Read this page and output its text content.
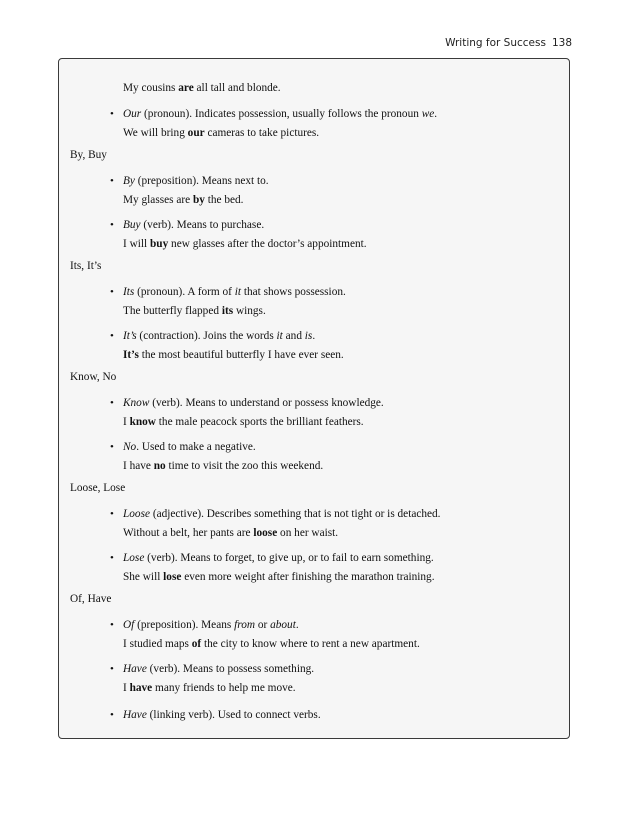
Writing for Success 138
My cousins are all tall and blonde.
• Our (pronoun). Indicates possession, usually follows the pronoun we.
We will bring our cameras to take pictures.
By, Buy
• By (preposition). Means next to.
My glasses are by the bed.
• Buy (verb). Means to purchase.
I will buy new glasses after the doctor’s appointment.
Its, It’s
• Its (pronoun). A form of it that shows possession.
The butterfly flapped its wings.
• It’s (contraction). Joins the words it and is.
It’s the most beautiful butterfly I have ever seen.
Know, No
• Know (verb). Means to understand or possess knowledge.
I know the male peacock sports the brilliant feathers.
• No. Used to make a negative.
I have no time to visit the zoo this weekend.
Loose, Lose
• Loose (adjective). Describes something that is not tight or is detached.
Without a belt, her pants are loose on her waist.
• Lose (verb). Means to forget, to give up, or to fail to earn something.
She will lose even more weight after finishing the marathon training.
Of, Have
• Of (preposition). Means from or about.
I studied maps of the city to know where to rent a new apartment.
• Have (verb). Means to possess something.
I have many friends to help me move.
• Have (linking verb). Used to connect verbs.
